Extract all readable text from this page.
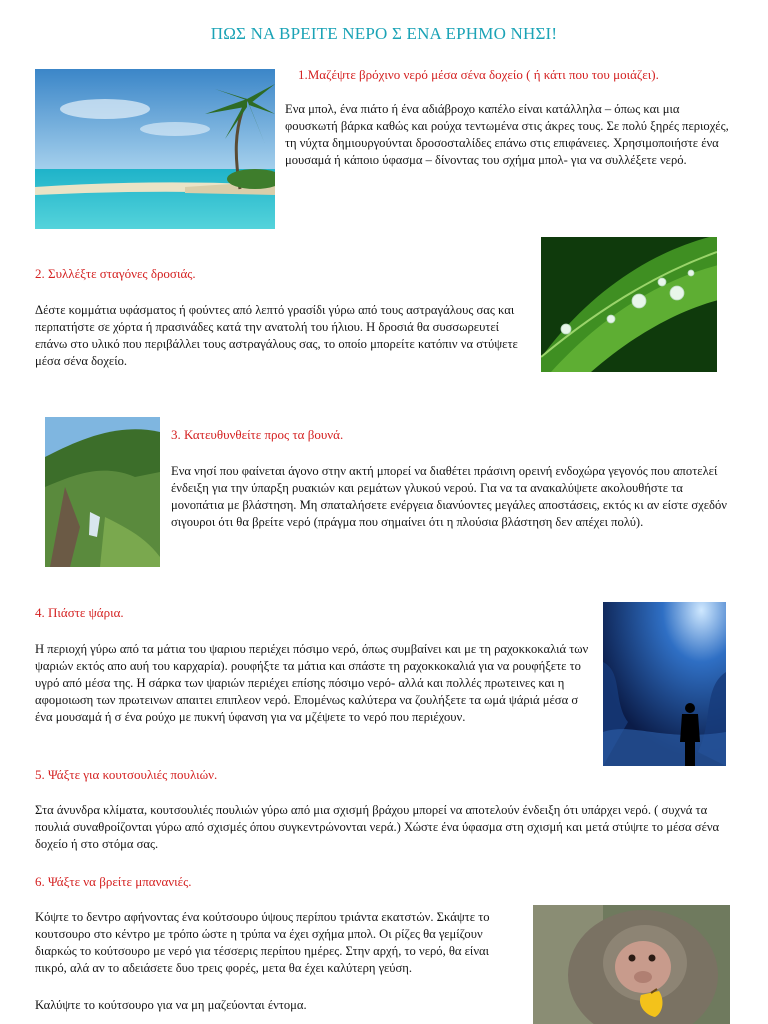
ΠΩΣ ΝΑ ΒΡΕΙΤΕ ΝΕΡΟ Σ ΕΝΑ ΕΡΗΜΟ ΝΗΣΙ!
1.Μαζέψτε βρόχινο νερό μέσα σένα δοχείο ( ή κάτι που του μοιάζει).
Ενα μπολ, ένα πιάτο ή ένα αδιάβροχο καπέλο είναι κατάλληλα – όπως και μια φουσκωτή βάρκα καθώς και ρούχα τεντωμένα στις άκρες τους. Σε πολύ ξηρές περιοχές, τη νύχτα δημιουργούνται δροσοσταλίδες επάνω στις επιφάνειες. Χρησιμοποιήστε ένα μουσαμά ή κάποιο ύφασμα – δίνοντας του σχήμα μπολ- για να συλλέξετε νερό.
2. Συλλέξτε σταγόνες δροσιάς.
Δέστε κομμάτια υφάσματος ή φούντες από λεπτό γρασίδι γύρω από τους αστραγάλους σας και περπατήστε σε χόρτα ή πρασινάδες κατά την ανατολή του ήλιου. Η δροσιά θα συσσωρευτεί επάνω στο υλικό που περιβάλλει τους αστραγάλους σας, το οποίο μπορείτε κατόπιν να στύψετε μέσα σένα δοχείο.
3. Κατευθυνθείτε προς τα βουνά.
Ενα νησί που φαίνεται άγονο στην ακτή μπορεί να διαθέτει πράσινη ορεινή ενδοχώρα γεγονός που αποτελεί ένδειξη για την ύπαρξη ρυακιών και ρεμάτων γλυκού νερού. Για να τα ανακαλύψετε ακολουθήστε τα μονοπάτια με βλάστηση. Μη σπαταλήσετε ενέργεια διανύοντες μεγάλες αποστάσεις, εκτός κι αν είστε σχεδόν σιγουροι ότι θα βρείτε νερό (πράγμα που σημαίνει ότι η πλούσια βλάστηση δεν απέχει πολύ).
4. Πιάστε ψάρια.
Η περιοχή γύρω από τα μάτια του ψαριου περιέχει πόσιμο νερό, όπως συμβαίνει και με τη ραχοκκοκαλιά των ψαριών εκτός απο αυή του καρχαρία). ρουφήξτε τα μάτια και σπάστε τη ραχοκκοκαλιά για να ρουφήξετε το υγρό από μέσα της. Η σάρκα των ψαριών περιέχει επίσης πόσιμο νερό- αλλά και πολλές πρωτεινες και η αφομοιωση των πρωτεινων απαιτει επιπλεον νερό. Επομένως καλύτερα να ζουλήξετε τα ωμά ψάριά μέσα σ ένα μουσαμά ή σ ένα ρούχο με πυκνή ύφανση για να μζέψετε το νερό που περιέχουν.
5. Ψάξτε για κουτσουλιές πουλιών.
Στα άνυνδρα κλίματα, κουτσουλιές πουλιών γύρω από μια σχισμή βράχου μπορεί να αποτελούν ένδειξη ότι υπάρχει νερό. ( συχνά τα πουλιά συναθροίζονται γύρω από σχισμές όπου συγκεντρώνονται νερά.) Χώστε ένα ύφασμα στη σχισμή και μετά στύψτε το μέσα σένα δοχείο ή στο στόμα σας.
6. Ψάξτε να βρείτε μπανανιές.
Κόψτε το δεντρο αφήνοντας ένα κούτσουρο ύψους περίπου τριάντα εκατστών. Σκάψτε το κουτσουρο στο κέντρο με τρόπο ώστε η τρύπα να έχει σχήμα μπολ. Οι ρίζες θα γεμίζουν διαρκώς το κούτσουρο με νερό για τέσσερις περίπου ημέρες. Στην αρχή, το νερό, θα είναι πικρό, αλά αν το αδειάσετε δυο τρεις φορές, μετα θα έχει καλύτερη γεύση.
Καλύψτε το κούτσουρο για να μη μαζεύονται έντομα.
